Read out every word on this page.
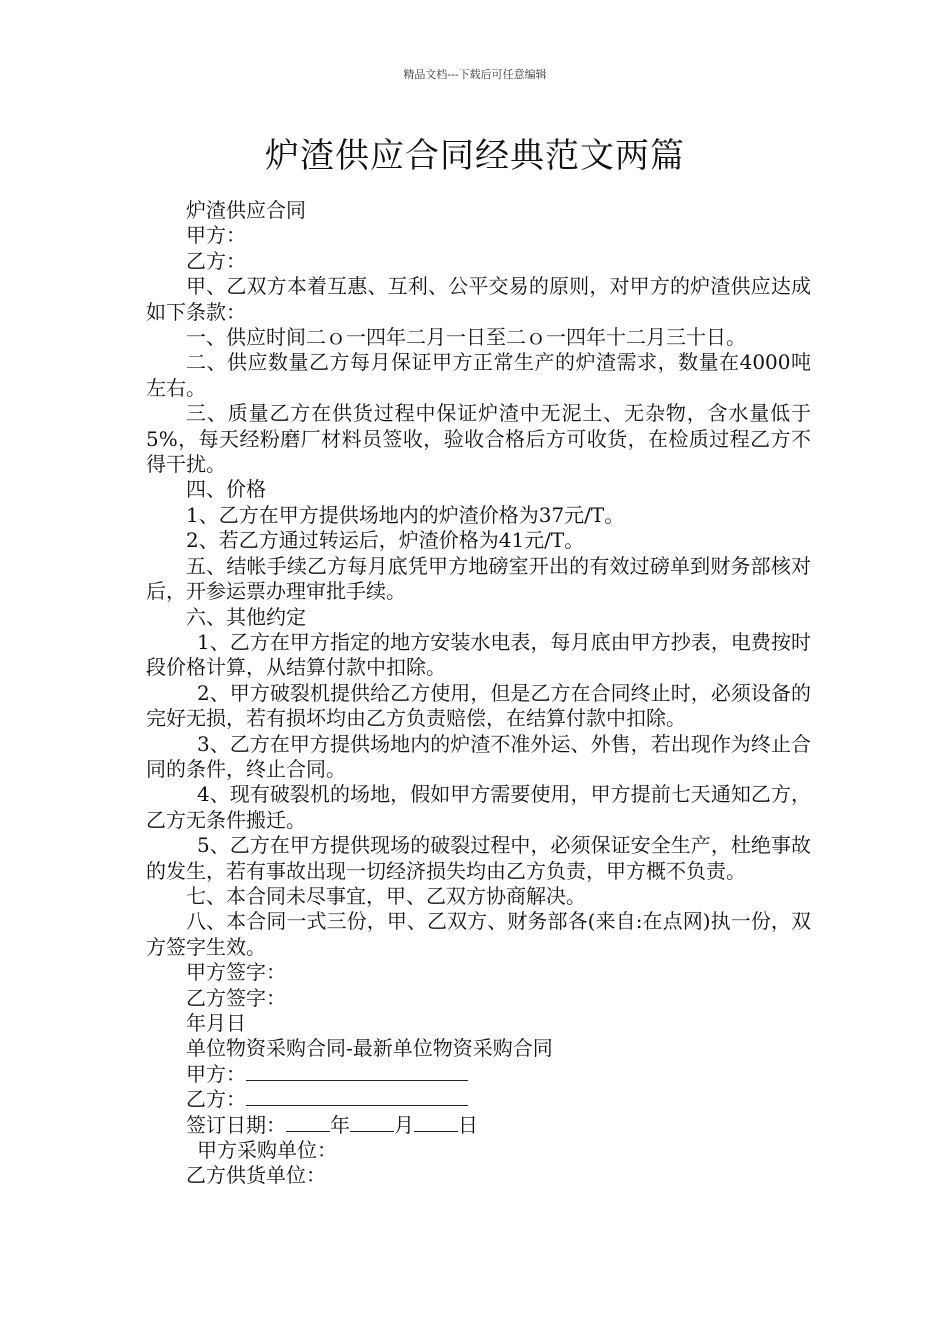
精品文档---下载后可任意编辑
炉渣供应合同经典范文两篇

炉渣供应合同

甲方：

乙方：

甲、乙双方本着互惠、互利、公平交易的原则，对甲方的炉渣供应达成如下条款：

一、供应时间二ｏ一四年二月一日至二ｏ一四年十二月三十日。

二、供应数量乙方每月保证甲方正常生产的炉渣需求，数量在4000吨左右。

三、质量乙方在供货过程中保证炉渣中无泥土、无杂物，含水量低于5%，每天经粉磨厂材料员签收，验收合格后方可收货，在检质过程乙方不得干扰。

四、价格

1、乙方在甲方提供场地内的炉渣价格为37元/T。

2、若乙方通过转运后，炉渣价格为41元/T。

五、结帐手续乙方每月底凭甲方地磅室开出的有效过磅单到财务部核对后，开参运票办理审批手续。

六、其他约定

1、乙方在甲方指定的地方安装水电表，每月底由甲方抄表，电费按时段价格计算，从结算付款中扣除。

2、甲方破裂机提供给乙方使用，但是乙方在合同终止时，必须设备的完好无损，若有损坏均由乙方负责赔偿，在结算付款中扣除。

3、乙方在甲方提供场地内的炉渣不准外运、外售，若出现作为终止合同的条件，终止合同。

4、现有破裂机的场地，假如甲方需要使用，甲方提前七天通知乙方，乙方无条件搬迁。

5、乙方在甲方提供现场的破裂过程中，必须保证安全生产，杜绝事故的发生，若有事故出现一切经济损失均由乙方负责，甲方概不负责。

七、本合同未尽事宜，甲、乙双方协商解决。

八、本合同一式三份，甲、乙双方、财务部各(来自:在点网)执一份，双方签字生效。

甲方签字：

乙方签字：

年月日

单位物资采购合同-最新单位物资采购合同

甲方：

乙方：

签订日期： 年 月 日

甲方采购单位：

乙方供货单位：
